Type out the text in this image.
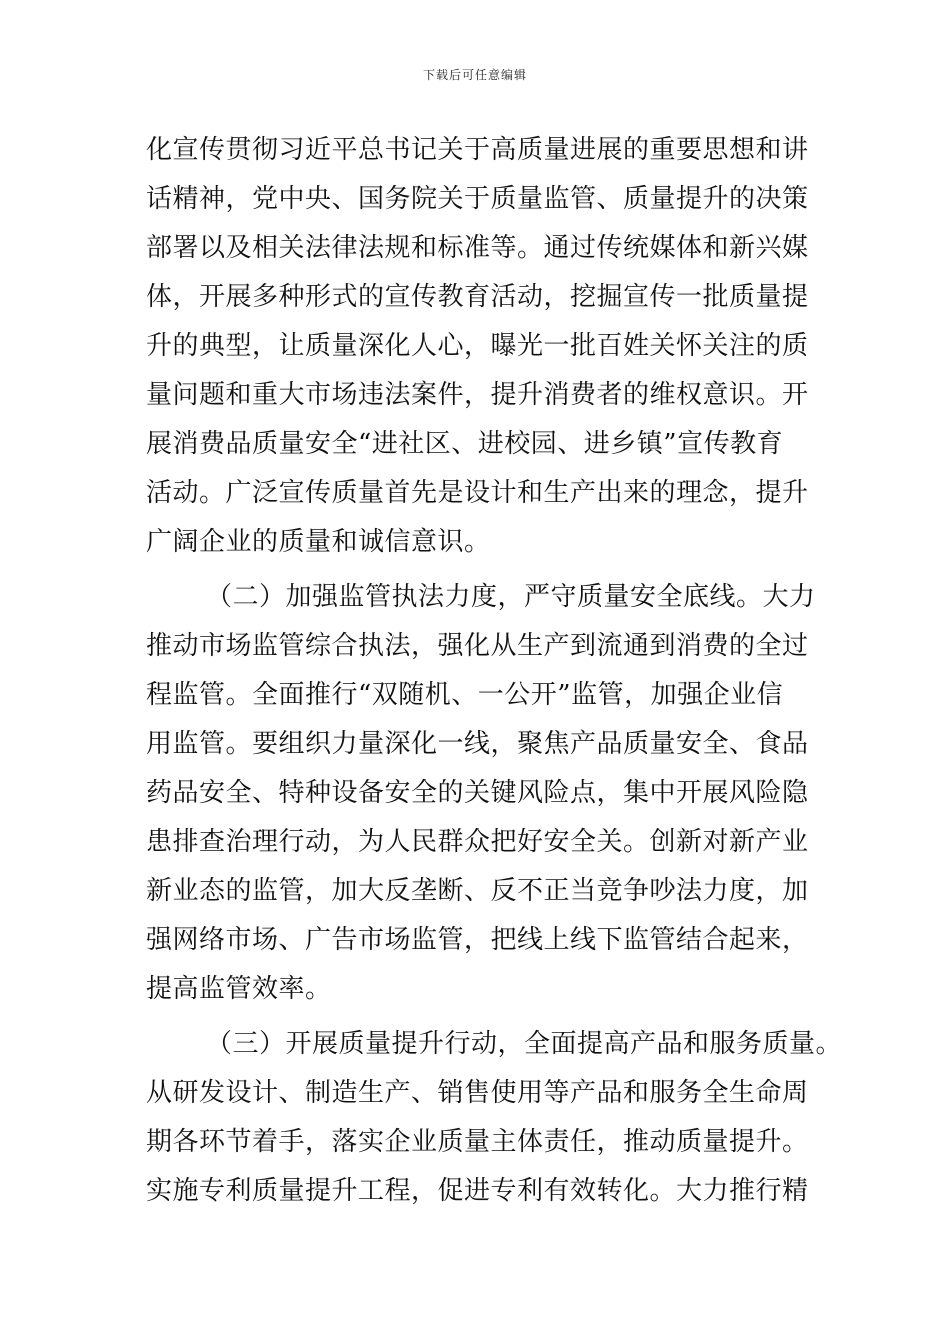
下载后可任意编辑
化宣传贯彻习近平总书记关于高质量进展的重要思想和讲
话精神，党中央、国务院关于质量监管、质量提升的决策
部署以及相关法律法规和标准等。通过传统媒体和新兴媒
体，开展多种形式的宣传教育活动，挖掘宣传一批质量提
升的典型，让质量深化人心，曝光一批百姓关怀关注的质
量问题和重大市场违法案件，提升消费者的维权意识。开
展消费品质量安全“进社区、进校园、进乡镇”宣传教育
活动。广泛宣传质量首先是设计和生产出来的理念，提升
广阔企业的质量和诚信意识。
（二）加强监管执法力度，严守质量安全底线。大力
推动市场监管综合执法，强化从生产到流通到消费的全过
程监管。全面推行“双随机、一公开”监管，加强企业信
用监管。要组织力量深化一线，聚焦产品质量安全、食品
药品安全、特种设备安全的关键风险点，集中开展风险隐
患排查治理行动，为人民群众把好安全关。创新对新产业
新业态的监管，加大反垄断、反不正当竞争吵法力度，加
强网络市场、广告市场监管，把线上线下监管结合起来，
提高监管效率。
（三）开展质量提升行动，全面提高产品和服务质量。
从研发设计、制造生产、销售使用等产品和服务全生命周
期各环节着手，落实企业质量主体责任，推动质量提升。
实施专利质量提升工程，促进专利有效转化。大力推行精
